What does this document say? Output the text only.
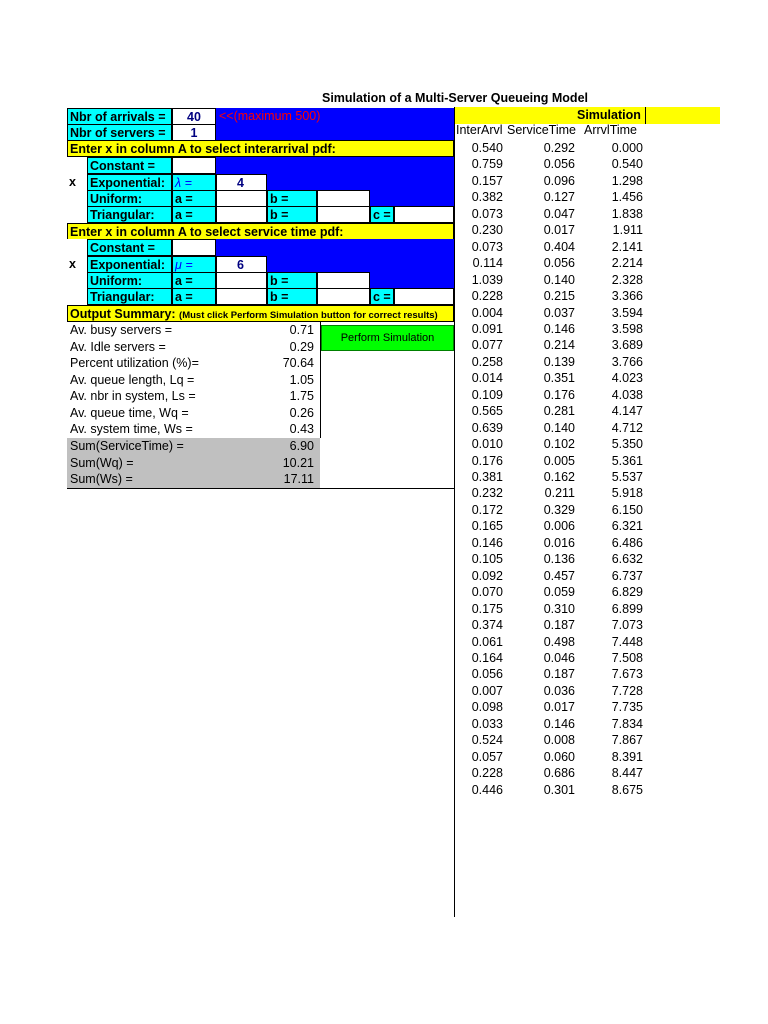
Simulation of a Multi-Server Queueing Model
Nbr of arrivals =	40	<<(maximum 500)
Nbr of servers =	1
Enter x in column A to select interarrival pdf:
Constant =
x	Exponential: λ =	4
Uniform:	a =	b =
Triangular:	a =	b =	c =
Enter x in column A to select service time pdf:
Constant =
x	Exponential: μ =	6
Uniform:	a =	b =
Triangular:	a =	b =	c =
Output Summary: (Must click Perform Simulation button for correct results)
Perform Simulation
Av. busy servers =	0.71
Av. Idle servers =	0.29
Percent utilization (%)=	70.64
Av. queue length, Lq =	1.05
Av. nbr in system, Ls =	1.75
Av. queue time, Wq =	0.26
Av. system time, Ws =	0.43
Sum(ServiceTime) =	6.90
Sum(Wq) =	10.21
Sum(Ws) =	17.11
Simulation
InterArvl ServiceTime ArrvlTime
0.540	0.292	0.000
0.759	0.056	0.540
0.157	0.096	1.298
0.382	0.127	1.456
0.073	0.047	1.838
0.230	0.017	1.911
0.073	0.404	2.141
0.114	0.056	2.214
1.039	0.140	2.328
0.228	0.215	3.366
0.004	0.037	3.594
0.091	0.146	3.598
0.077	0.214	3.689
0.258	0.139	3.766
0.014	0.351	4.023
0.109	0.176	4.038
0.565	0.281	4.147
0.639	0.140	4.712
0.010	0.102	5.350
0.176	0.005	5.361
0.381	0.162	5.537
0.232	0.211	5.918
0.172	0.329	6.150
0.165	0.006	6.321
0.146	0.016	6.486
0.105	0.136	6.632
0.092	0.457	6.737
0.070	0.059	6.829
0.175	0.310	6.899
0.374	0.187	7.073
0.061	0.498	7.448
0.164	0.046	7.508
0.056	0.187	7.673
0.007	0.036	7.728
0.098	0.017	7.735
0.033	0.146	7.834
0.524	0.008	7.867
0.057	0.060	8.391
0.228	0.686	8.447
0.446	0.301	8.675
